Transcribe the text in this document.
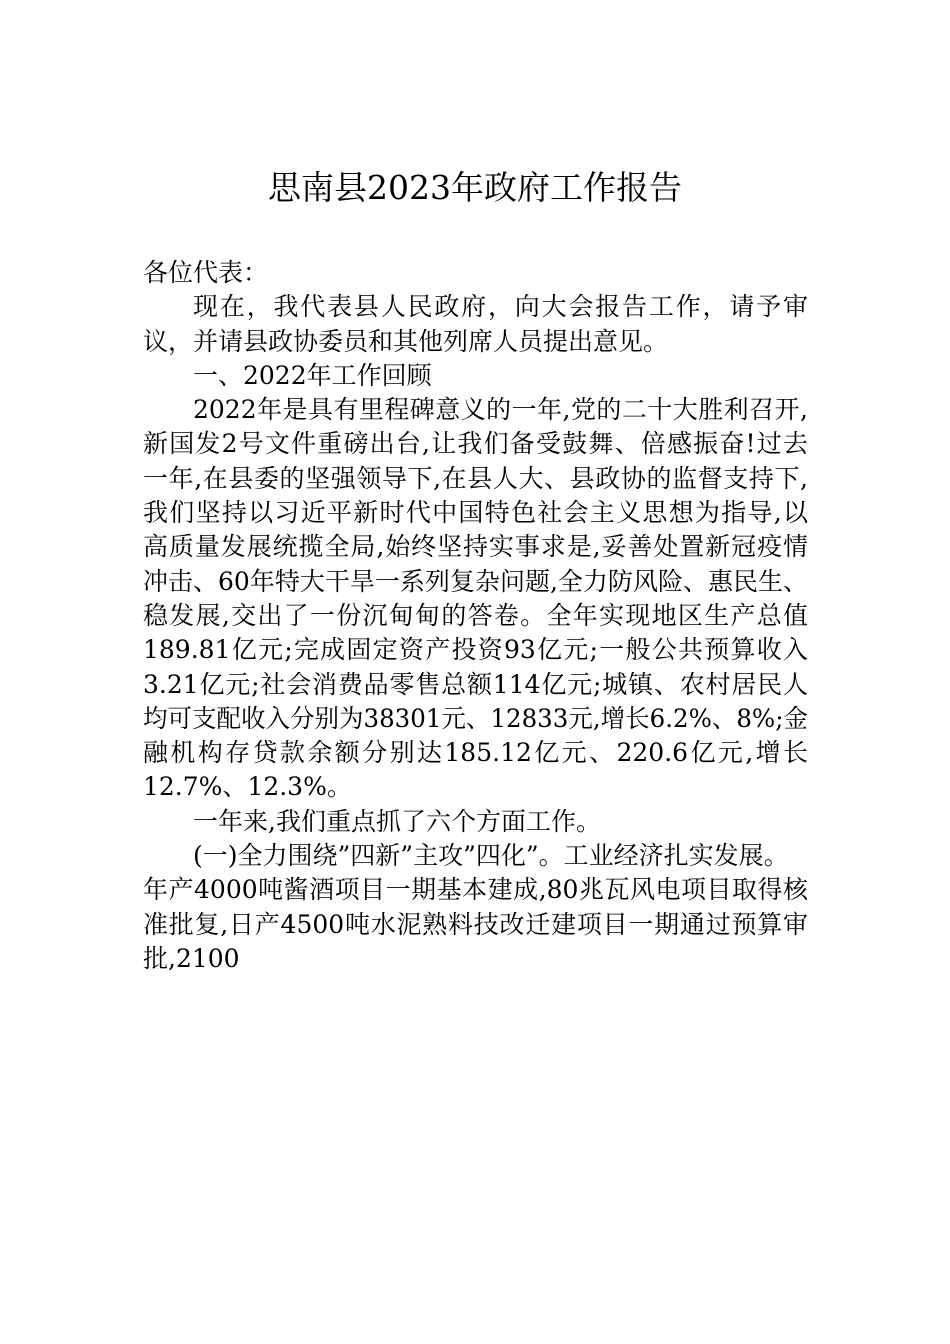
思南县2023年政府工作报告
各位代表：
现在，我代表县人民政府，向大会报告工作，请予审
议，并请县政协委员和其他列席人员提出意见。
一、2022年工作回顾
2022年是具有里程碑意义的一年,党的二十大胜利召开,
新国发2号文件重磅出台,让我们备受鼓舞、倍感振奋!过去
一年,在县委的坚强领导下,在县人大、县政协的监督支持下,
我们坚持以习近平新时代中国特色社会主义思想为指导,以
高质量发展统揽全局,始终坚持实事求是,妥善处置新冠疫情
冲击、60年特大干旱一系列复杂问题,全力防风险、惠民生、
稳发展,交出了一份沉甸甸的答卷。全年实现地区生产总值
189.81亿元;完成固定资产投资93亿元;一般公共预算收入
3.21亿元;社会消费品零售总额114亿元;城镇、农村居民人
均可支配收入分别为38301元、12833元,增长6.2%、8%;金
融机构存贷款余额分别达185.12亿元、220.6亿元,增长
12.7%、12.3%。
一年来,我们重点抓了六个方面工作。
(一)全力围绕”四新”主攻”四化”。工业经济扎实发展。
年产4000吨酱酒项目一期基本建成,80兆瓦风电项目取得核
准批复,日产4500吨水泥熟料技改迁建项目一期通过预算审
批,2100
